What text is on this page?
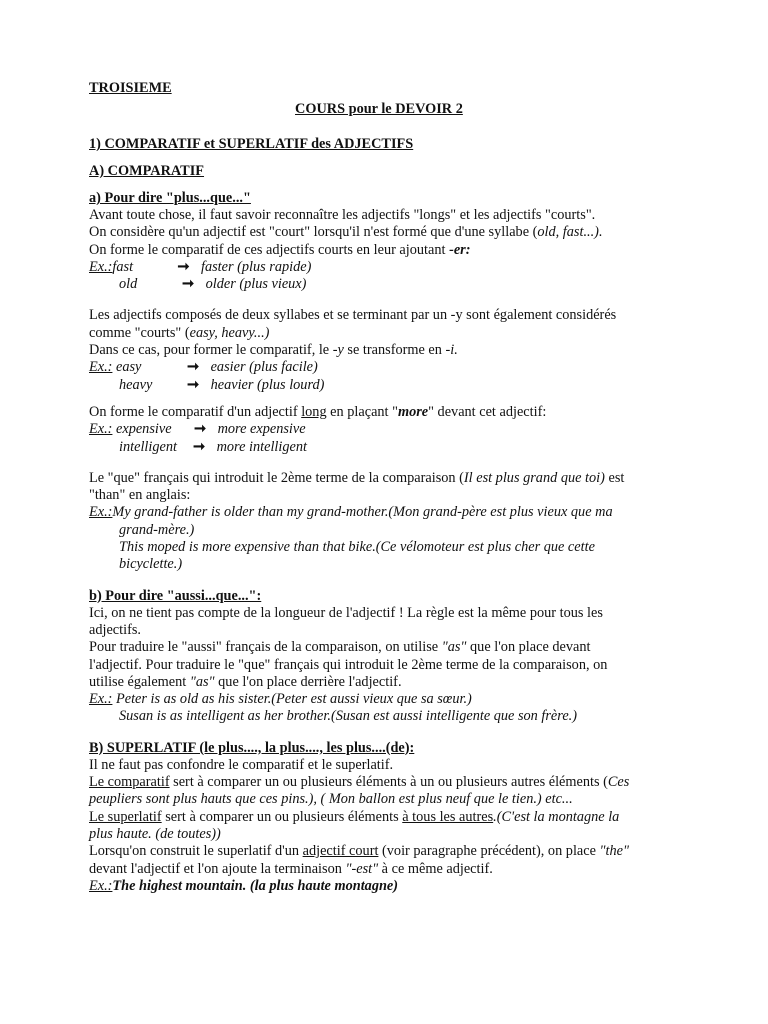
TROISIEME

COURS pour le DEVOIR 2

1) COMPARATIF et SUPERLATIF des ADJECTIFS

A) COMPARATIF

a) Pour dire "plus...que..."

Avant toute chose, il faut savoir reconnaître les adjectifs "longs" et les adjectifs "courts".

On considère qu'un adjectif est "court" lorsqu'il n'est formé que d'une syllabe (old, fast...).

On forme le comparatif de ces adjectifs courts en leur ajoutant -er:

Ex.:fast	➞ faster (plus rapide)

old	➞ older (plus vieux)

Les adjectifs composés de deux syllabes et se terminant par un -y sont également considérés

comme "courts" (easy, heavy...)

Dans ce cas, pour former le comparatif, le -y se transforme en -i.

Ex.: easy	➞ easier (plus facile)

heavy ➞ heavier (plus lourd)

On forme le comparatif d'un adjectif long en plaçant "more" devant cet adjectif:

Ex.: expensive ➞ more expensive

intelligent ➞ more intelligent

Le "que" français qui introduit le 2ème terme de la comparaison (Il est plus grand que toi) est

"than" en anglais:

Ex.:My grand-father is older than my grand-mother.(Mon grand-père est plus vieux que ma

grand-mère.)

This moped is more expensive than that bike.(Ce vélomoteur est plus cher que cette

bicyclette.)

b) Pour dire "aussi...que...":

Ici, on ne tient pas compte de la longueur de l'adjectif ! La règle est la même pour tous les

adjectifs.

Pour traduire le "aussi" français de la comparaison, on utilise "as" que l'on place devant

l'adjectif. Pour traduire le "que" français qui introduit le 2ème terme de la comparaison, on

utilise également "as" que l'on place derrière l'adjectif.

Ex.: Peter is as old as his sister.(Peter est aussi vieux que sa sœur.)

Susan is as intelligent as her brother.(Susan est aussi intelligente que son frère.)

B) SUPERLATIF (le plus...., la plus...., les plus....(de):

Il ne faut pas confondre le comparatif et le superlatif.

Le comparatif sert à comparer un ou plusieurs éléments à un ou plusieurs autres éléments (Ces

peupliers sont plus hauts que ces pins.), ( Mon ballon est plus neuf que le tien.) etc...

Le superlatif sert à comparer un ou plusieurs éléments à tous les autres.(C'est la montagne la

plus haute. (de toutes))

Lorsqu'on construit le superlatif d'un adjectif court (voir paragraphe précédent), on place "the"

devant l'adjectif et l'on ajoute la terminaison "-est" à ce même adjectif.

Ex.:The highest mountain. (la plus haute montagne)
